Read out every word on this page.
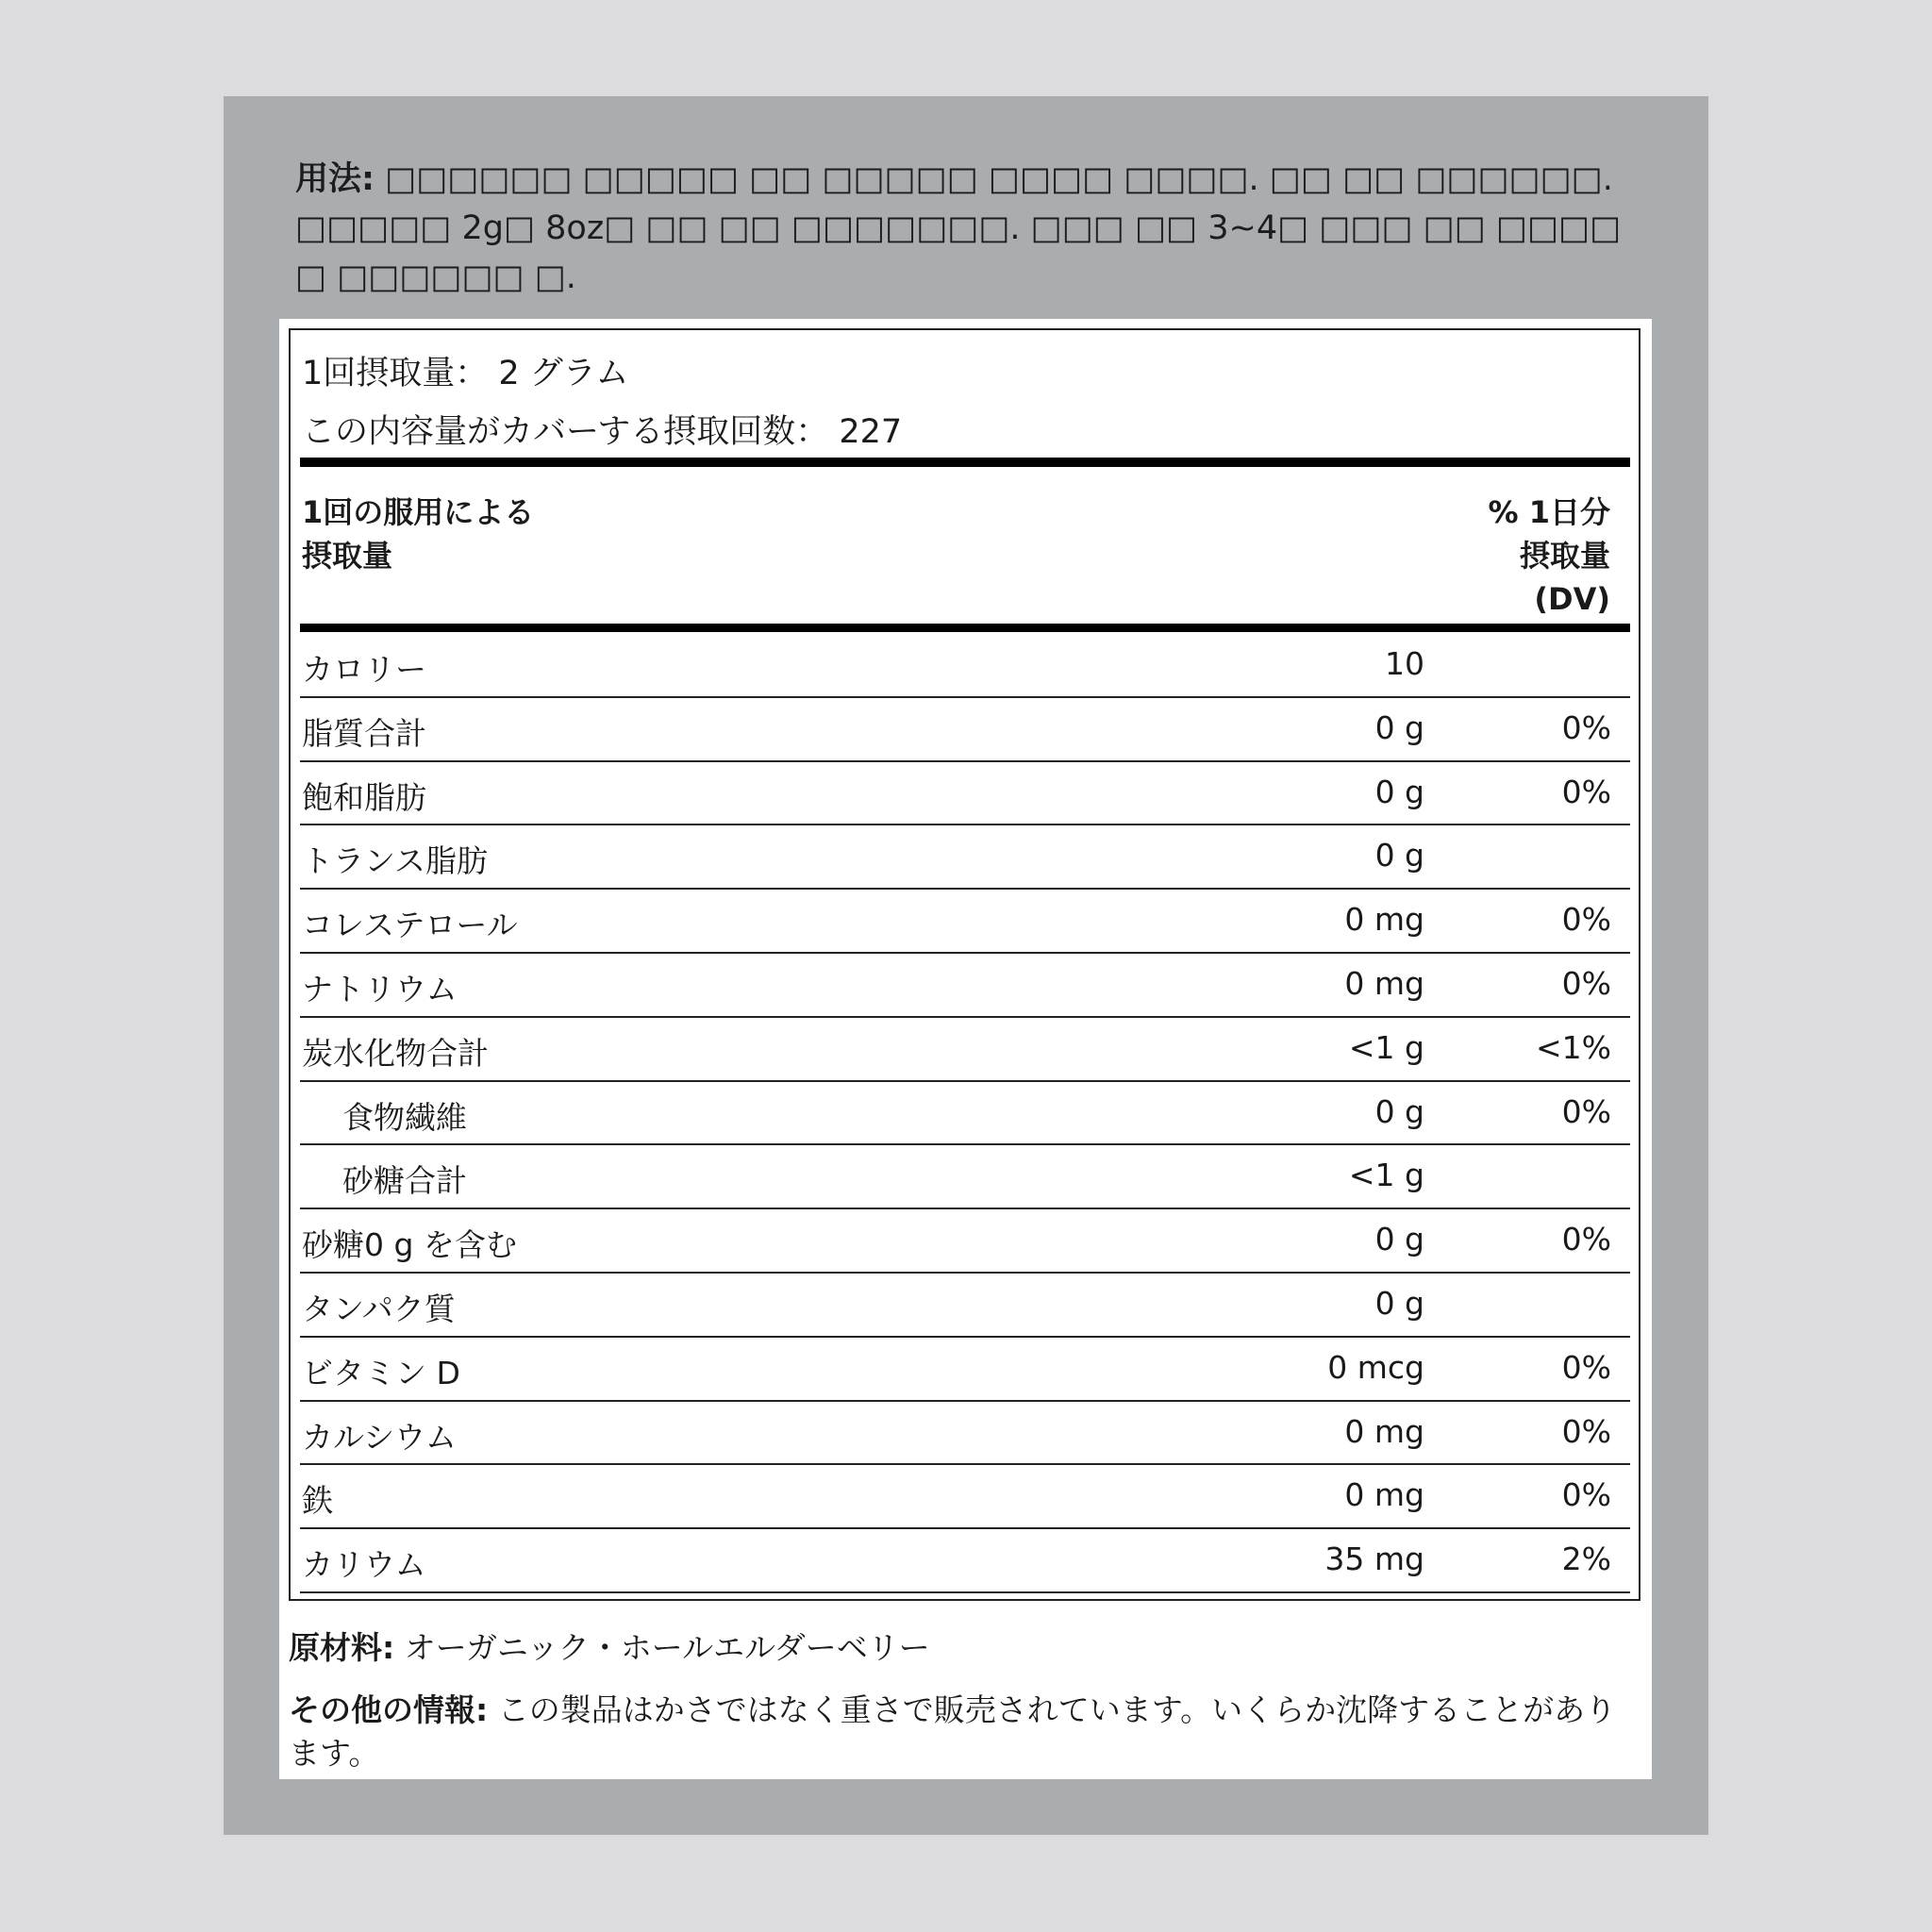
用法: □□□□□□ □□□□□ □□ □□□□□ □□□□ □□□□. □□ □□ □□□□□□. □□□□□ 2g□ 8oz□ □□ □□ □□□□□□□. □□□ □□ 3~4□ □□□ □□ □□□□□ □□□□□□ □.
1回摂取量： 2 グラム
この内容量がカバーする摂取回数： 227
1回の服用による
摂取量
% 1日分
摂取量
(DV)
カロリー	10
脂質合計	0 g	0%
飽和脂肪	0 g	0%
トランス脂肪	0 g
コレステロール	0 mg	0%
ナトリウム	0 mg	0%
炭水化物合計	<1 g	<1%
食物繊維	0 g	0%
砂糖合計	<1 g
砂糖0 g を含む	0 g	0%
タンパク質	0 g
ビタミン D	0 mcg	0%
カルシウム	0 mg	0%
鉄	0 mg	0%
カリウム	35 mg	2%
原材料: オーガニック・ホールエルダーベリー
その他の情報: この製品はかさではなく重さで販売されています。いくらか沈降することがあります。
